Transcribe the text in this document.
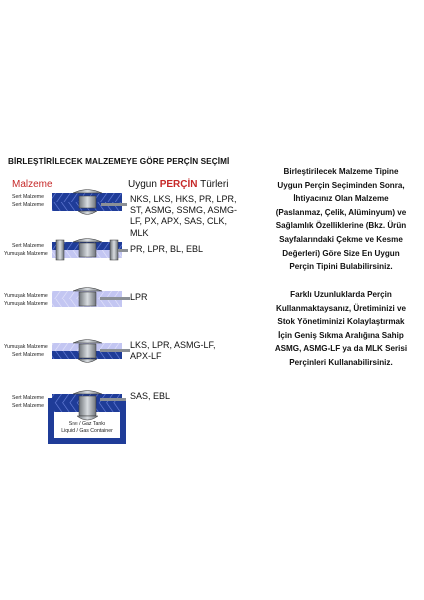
BİRLEŞTİRİLECEK MALZEMEYE GÖRE PERÇİN SEÇİMİ
Malzeme	Uygun PERÇİN Türleri
Sert Malzeme
Sert Malzeme
Sert Malzeme
Yumuşak Malzeme
Yumuşak Malzeme
Yumuşak Malzeme
Yumuşak Malzeme
Sert Malzeme
Sert Malzeme
Sert Malzeme
Sıvı / Gaz Tankı
Liquid / Gas Container
NKS, LKS, HKS, PR, LPR,
ST, ASMG, SSMG, ASMG-
LF, PX, APX, SAS, CLK,
MLK
PR, LPR, BL, EBL
LPR
LKS, LPR, ASMG-LF,
APX-LF
SAS, EBL
Birleştirilecek Malzeme Tipine
Uygun Perçin Seçiminden Sonra,
İhtiyacınız Olan Malzeme
(Paslanmaz, Çelik, Alüminyum) ve
Sağlamlık Özelliklerine (Bkz. Ürün
Sayfalarındaki Çekme ve Kesme
Değerleri) Göre Size En Uygun
Perçin Tipini Bulabilirsiniz.
Farklı Uzunluklarda Perçin
Kullanmaktaysanız, Üretiminizi ve
Stok Yönetiminizi Kolaylaştırmak
İçin Geniş Sıkma Aralığına Sahip
ASMG, ASMG-LF ya da MLK Serisi
Perçinleri Kullanabilirsiniz.
